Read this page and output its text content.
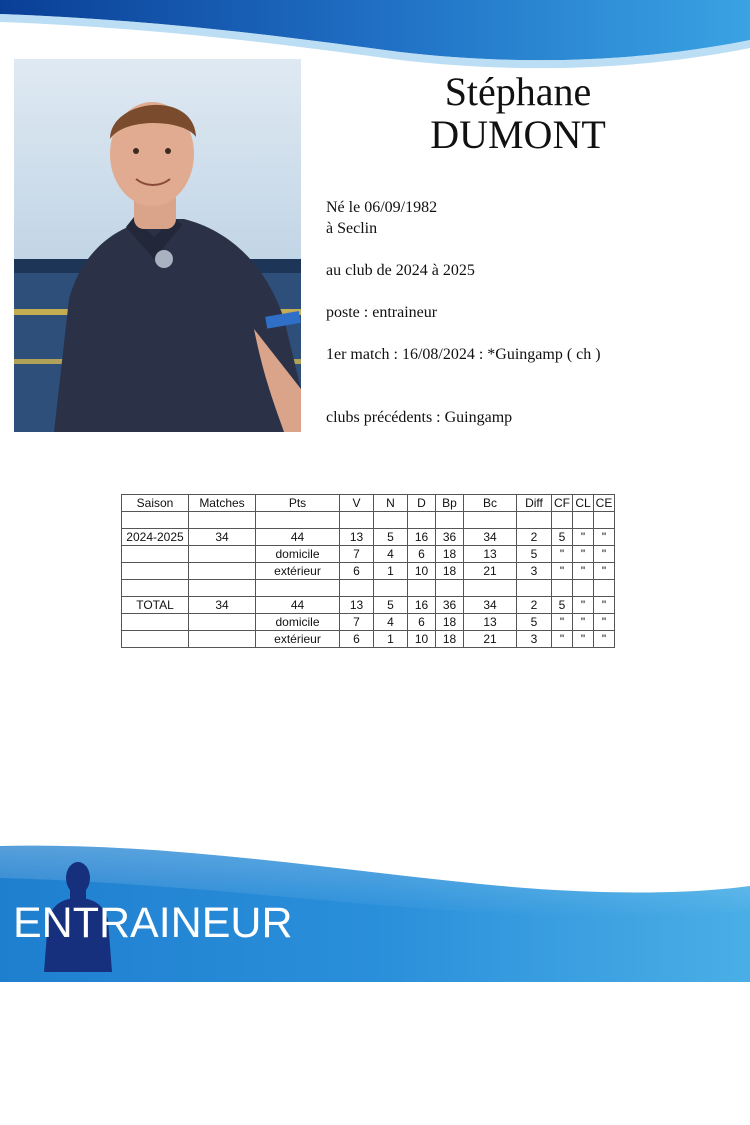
Stéphane
DUMONT
Né le 06/09/1982
à Seclin
au club de 2024 à 2025
poste : entraineur
1er match : 16/08/2024 : *Guingamp ( ch )
clubs précédents : Guingamp
Saison	Matches	Pts	V	N	D	Bp	Bc	Diff	CF	CL	CE

2024-2025	34	44	13	5	16	36	34	2	5	"	"
		domicile	7	4	6	18	13	5	"	"	"
		extérieur	6	1	10	18	21	3	"	"	"

TOTAL	34	44	13	5	16	36	34	2	5	"	"
		domicile	7	4	6	18	13	5	"	"	"
		extérieur	6	1	10	18	21	3	"	"	"
ENTRAINEUR
